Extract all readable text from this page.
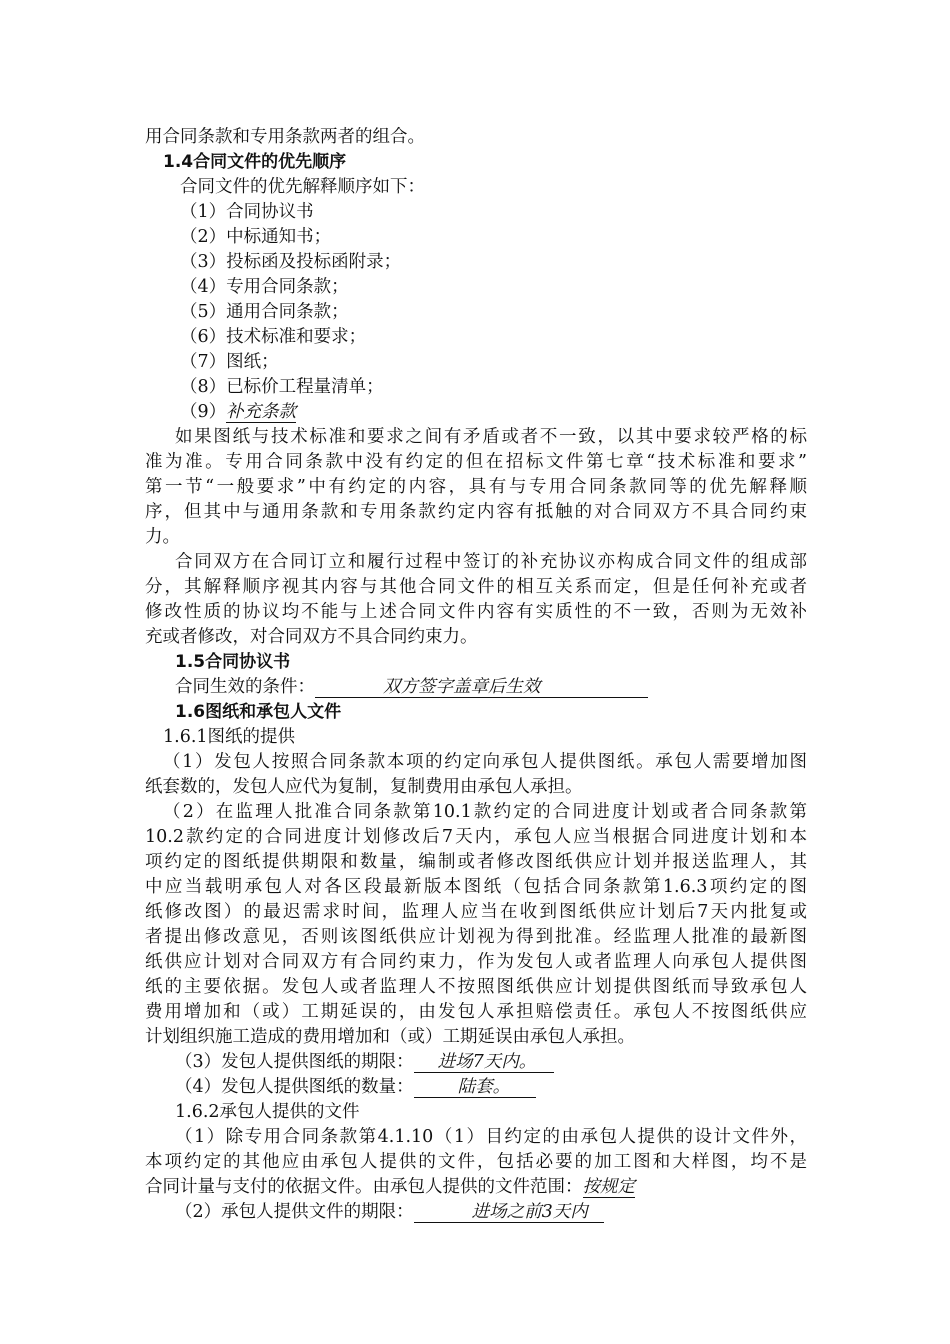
用合同条款和专用条款两者的组合。
1.4合同文件的优先顺序
合同文件的优先解释顺序如下：
（1）合同协议书
（2）中标通知书；
（3）投标函及投标函附录；
（4）专用合同条款；
（5）通用合同条款；
（6）技术标准和要求；
（7）图纸；
（8）已标价工程量清单；
（9）补充条款
如果图纸与技术标准和要求之间有矛盾或者不一致，以其中要求较严格的标
准为准。专用合同条款中没有约定的但在招标文件第七章“技术标准和要求”
第一节“一般要求”中有约定的内容，具有与专用合同条款同等的优先解释顺
序，但其中与通用条款和专用条款约定内容有抵触的对合同双方不具合同约束
力。
合同双方在合同订立和履行过程中签订的补充协议亦构成合同文件的组成部
分，其解释顺序视其内容与其他合同文件的相互关系而定，但是任何补充或者
修改性质的协议均不能与上述合同文件内容有实质性的不一致，否则为无效补
充或者修改，对合同双方不具合同约束力。
1.5合同协议书
合同生效的条件：	双方签字盖章后生效
1.6图纸和承包人文件
1.6.1图纸的提供
（1）发包人按照合同条款本项的约定向承包人提供图纸。承包人需要增加图
纸套数的，发包人应代为复制，复制费用由承包人承担。
（2）在监理人批准合同条款第10.1款约定的合同进度计划或者合同条款第
10.2款约定的合同进度计划修改后7天内，承包人应当根据合同进度计划和本
项约定的图纸提供期限和数量，编制或者修改图纸供应计划并报送监理人，其
中应当载明承包人对各区段最新版本图纸（包括合同条款第1.6.3项约定的图
纸修改图）的最迟需求时间，监理人应当在收到图纸供应计划后7天内批复或
者提出修改意见，否则该图纸供应计划视为得到批准。经监理人批准的最新图
纸供应计划对合同双方有合同约束力，作为发包人或者监理人向承包人提供图
纸的主要依据。发包人或者监理人不按照图纸供应计划提供图纸而导致承包人
费用增加和（或）工期延误的，由发包人承担赔偿责任。承包人不按图纸供应
计划组织施工造成的费用增加和（或）工期延误由承包人承担。
（3）发包人提供图纸的期限： 进场7天内。
（4）发包人提供图纸的数量：	陆套。
1.6.2承包人提供的文件
（1）除专用合同条款第4.1.10（1）目约定的由承包人提供的设计文件外，
本项约定的其他应由承包人提供的文件，包括必要的加工图和大样图，均不是
合同计量与支付的依据文件。由承包人提供的文件范围：按规定
（2）承包人提供文件的期限：	进场之前3天内
